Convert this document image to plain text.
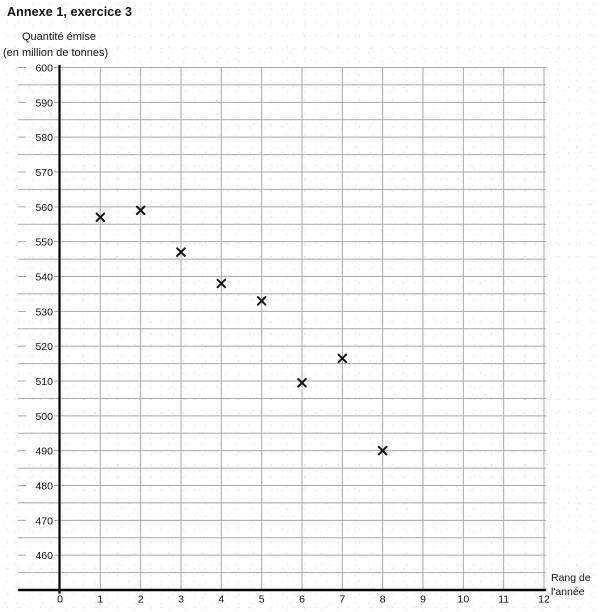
Annexe 1, exercice 3
Quantité émise
(en million de tonnes)
460
470
480
490
500
510
520
530
540
550
560
570
580
590
600
0	1	2	3	4	5	6	7	8	9	10	11	12
Rang de
l'année
